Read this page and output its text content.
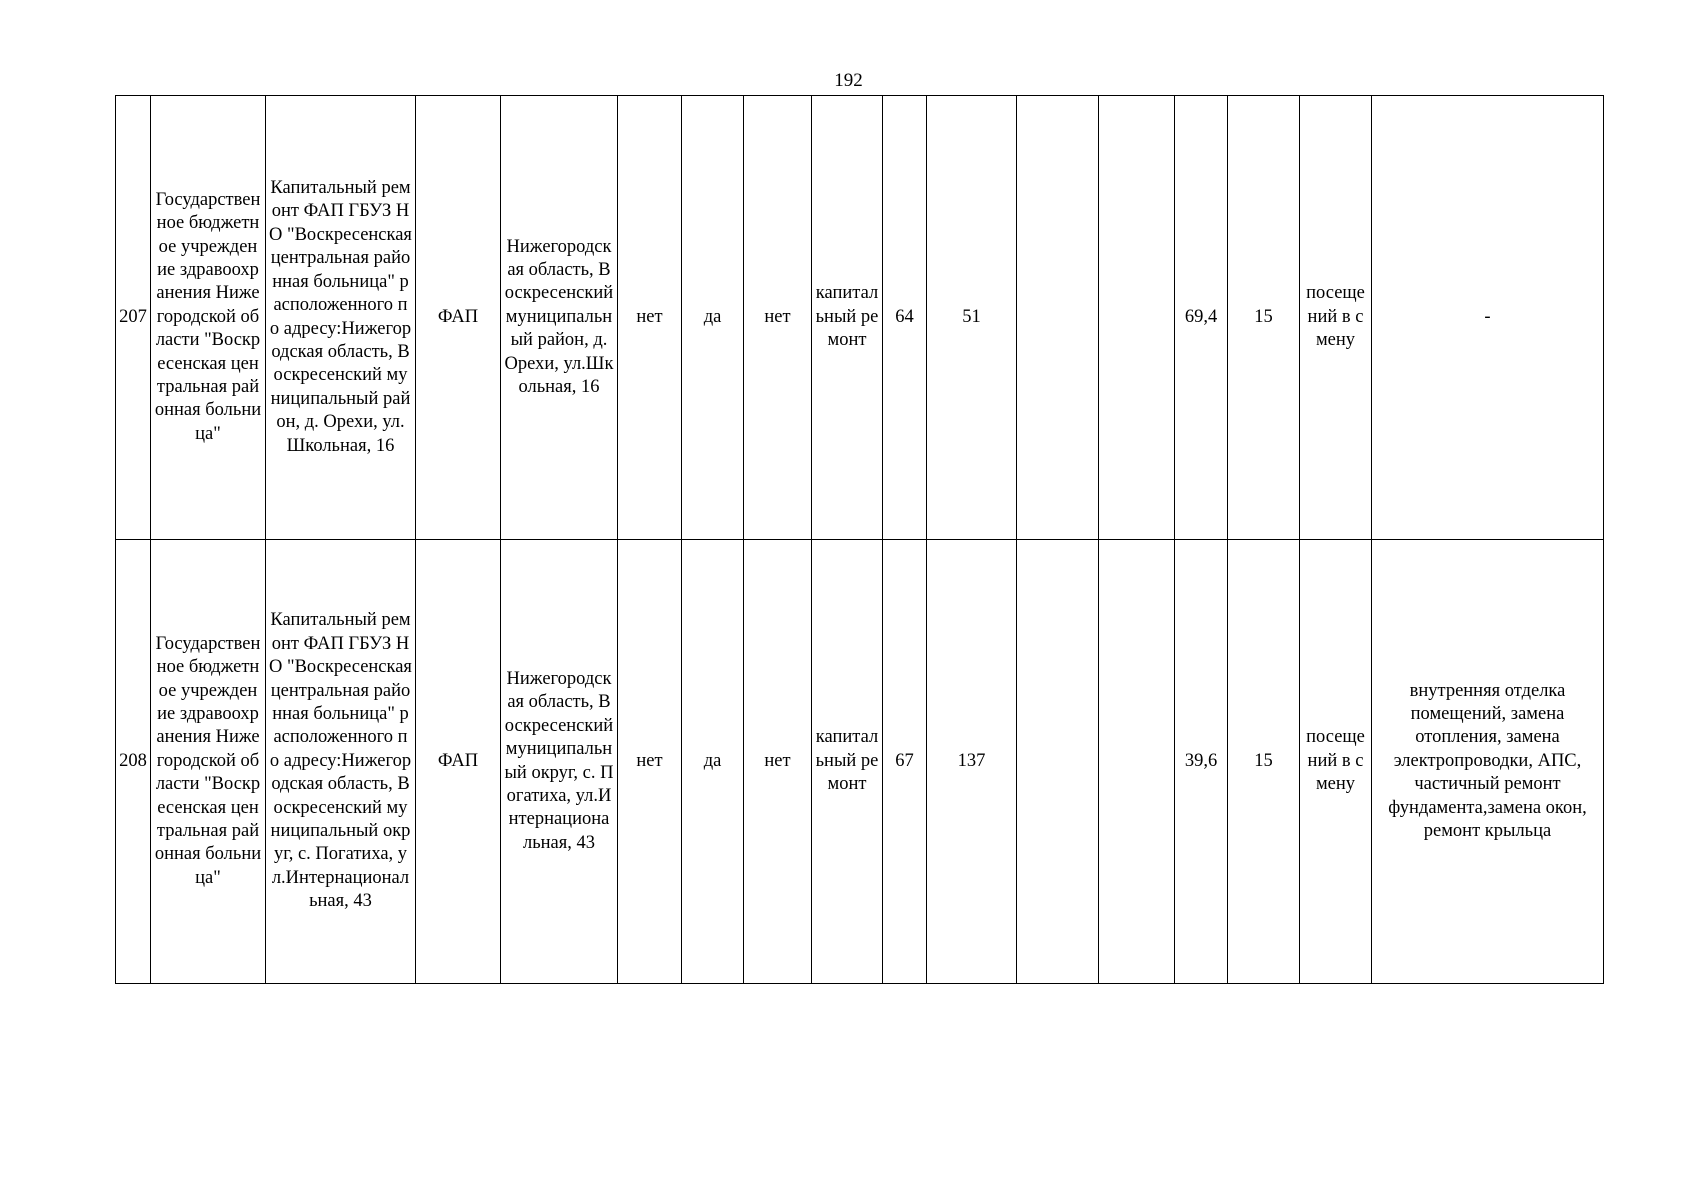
192
207	Государственное бюджетное учреждение здравоохранения Нижегородской области "Воскресенская центральная районная больница"	Капитальный ремонт ФАП ГБУЗ НО "Воскресенская центральная районная больница" расположенного по адресу:Нижегородская область, Воскресенский муниципальный район, д. Орехи, ул.Школьная, 16	ФАП	Нижегородская область, Воскресенский муниципальный район, д. Орехи, ул.Школьная, 16	нет	да	нет	капитальный ремонт	64	51			69,4	15	посещений в смену	-
208	Государственное бюджетное учреждение здравоохранения Нижегородской области "Воскресенская центральная районная больница"	Капитальный ремонт ФАП ГБУЗ НО "Воскресенская центральная районная больница" расположенного по адресу:Нижегородская область, Воскресенский муниципальный округ, с. Погатиха, ул.Интернациональная, 43	ФАП	Нижегородская область, Воскресенский муниципальный округ, с. Погатиха, ул.Интернациональная, 43	нет	да	нет	капитальный ремонт	67	137			39,6	15	посещений в смену	внутренняя отделка помещений, замена отопления, замена электропроводки, АПС, частичный ремонт фундамента,замена окон, ремонт крыльца
